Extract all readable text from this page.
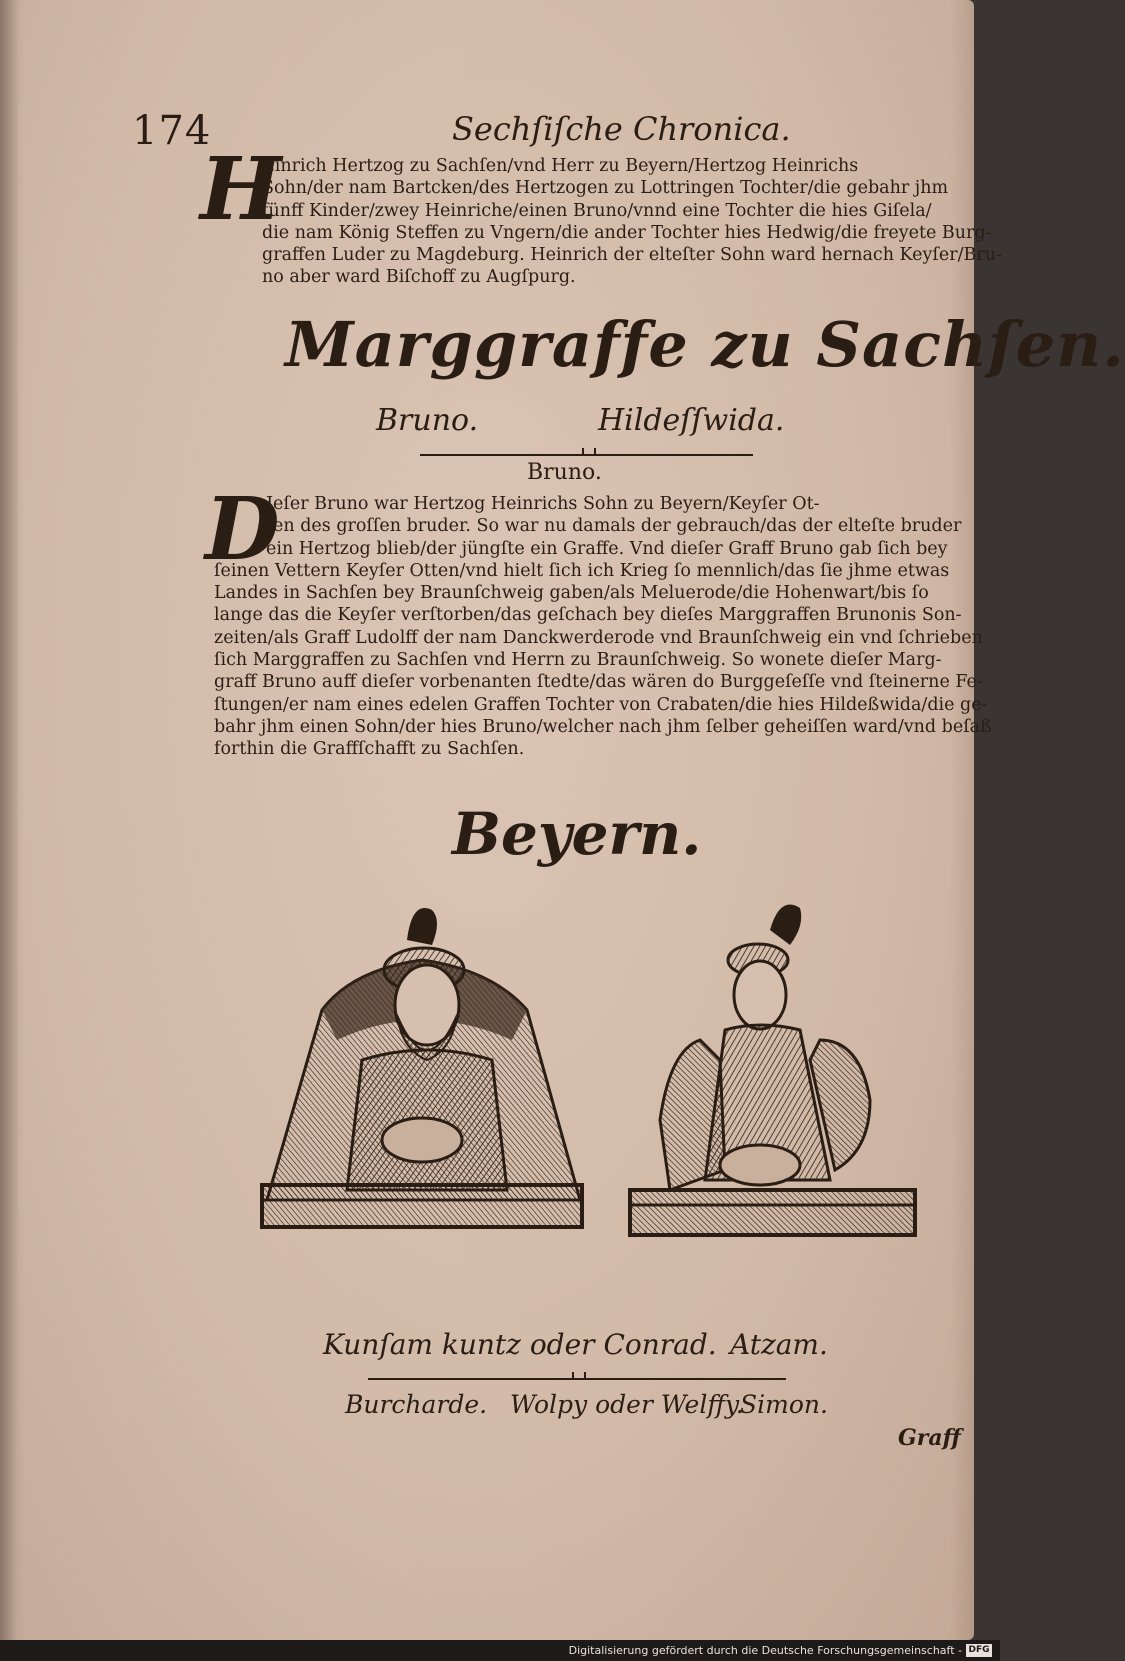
174	Sechſiſche Chronica.
H
Einrich Hertzog zu Sachſen/vnd Herr zu Beyern/Hertzog Heinrichs
Sohn/der nam Bartcken/des Hertzogen zu Lottringen Tochter/die gebahr jhm
fünff Kinder/zwey Heinriche/einen Bruno/vnnd eine Tochter die hies Giſela/
die nam König Steffen zu Vngern/die ander Tochter hies Hedwig/die freyete Burg-
graffen Luder zu Magdeburg. Heinrich der elteſter Sohn ward hernach Keyſer/Bru-
no aber ward Biſchoff zu Augſpurg.
Marggraffe zu Sachſen.
Bruno.	Hildeſſwida.
Bruno.
D
Jeſer Bruno war Hertzog Heinrichs Sohn zu Beyern/Keyſer Ot-
ten des groſſen bruder. So war nu damals der gebrauch/das der elteſte bruder
ein Hertzog blieb/der jüngſte ein Graffe. Vnd dieſer Graff Bruno gab ſich bey
ſeinen Vettern Keyſer Otten/vnd hielt ſich ich Krieg ſo mennlich/das ſie jhme etwas
Landes in Sachſen bey Braunſchweig gaben/als Meluerode/die Hohenwart/bis ſo
lange das die Keyſer verſtorben/das geſchach bey dieſes Marggraffen Brunonis Son-
zeiten/als Graff Ludolff der nam Danckwerderode vnd Braunſchweig ein vnd ſchrieben
ſich Marggraffen zu Sachſen vnd Herrn zu Braunſchweig. So wonete dieſer Marg-
graff Bruno auff dieſer vorbenanten ſtedte/das wären do Burggeſeſſe vnd ſteinerne Fe-
ſtungen/er nam eines edelen Graffen Tochter von Crabaten/die hies Hildeßwida/die ge-
bahr jhm einen Sohn/der hies Bruno/welcher nach jhm ſelber geheiſſen ward/vnd beſaß
forthin die Graffſchafft zu Sachſen.
Beyern.
Kunſam kuntz oder Conrad. Atzam.
Burcharde. Wolpy oder Welffy.
Simon.
Graff
Digitalisierung gefördert durch die Deutsche Forschungsgemeinschaft - DFG
